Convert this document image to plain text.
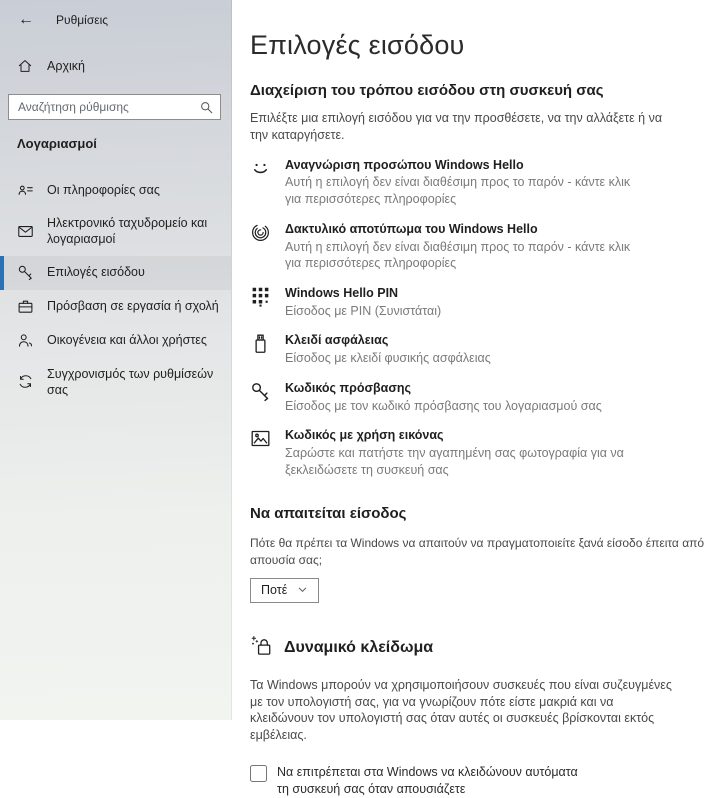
← Ρυθμίσεις
Αρχική
Αναζήτηση ρύθμισης
Λογαριασμοί
Οι πληροφορίες σας
Ηλεκτρονικό ταχυδρομείο και λογαριασμοί
Επιλογές εισόδου
Πρόσβαση σε εργασία ή σχολή
Οικογένεια και άλλοι χρήστες
Συγχρονισμός των ρυθμίσεών σας
Επιλογές εισόδου
Διαχείριση του τρόπου εισόδου στη συσκευή σας
Επιλέξτε μια επιλογή εισόδου για να την προσθέσετε, να την αλλάξετε ή να την καταργήσετε.
Αναγνώριση προσώπου Windows Hello
Αυτή η επιλογή δεν είναι διαθέσιμη προς το παρόν - κάντε κλικ για περισσότερες πληροφορίες
Δακτυλικό αποτύπωμα του Windows Hello
Αυτή η επιλογή δεν είναι διαθέσιμη προς το παρόν - κάντε κλικ για περισσότερες πληροφορίες
Windows Hello PIN
Είσοδος με PIN (Συνιστάται)
Κλειδί ασφάλειας
Είσοδος με κλειδί φυσικής ασφάλειας
Κωδικός πρόσβασης
Είσοδος με τον κωδικό πρόσβασης του λογαριασμού σας
Κωδικός με χρήση εικόνας
Σαρώστε και πατήστε την αγαπημένη σας φωτογραφία για να ξεκλειδώσετε τη συσκευή σας
Να απαιτείται είσοδος
Πότε θα πρέπει τα Windows να απαιτούν να πραγματοποιείτε ξανά είσοδο έπειτα από απουσία σας;
Ποτέ
Δυναμικό κλείδωμα
Τα Windows μπορούν να χρησιμοποιήσουν συσκευές που είναι συζευγμένες με τον υπολογιστή σας, για να γνωρίζουν πότε είστε μακριά και να κλειδώνουν τον υπολογιστή σας όταν αυτές οι συσκευές βρίσκονται εκτός εμβέλειας.
Να επιτρέπεται στα Windows να κλειδώνουν αυτόματα τη συσκευή σας όταν απουσιάζετε
